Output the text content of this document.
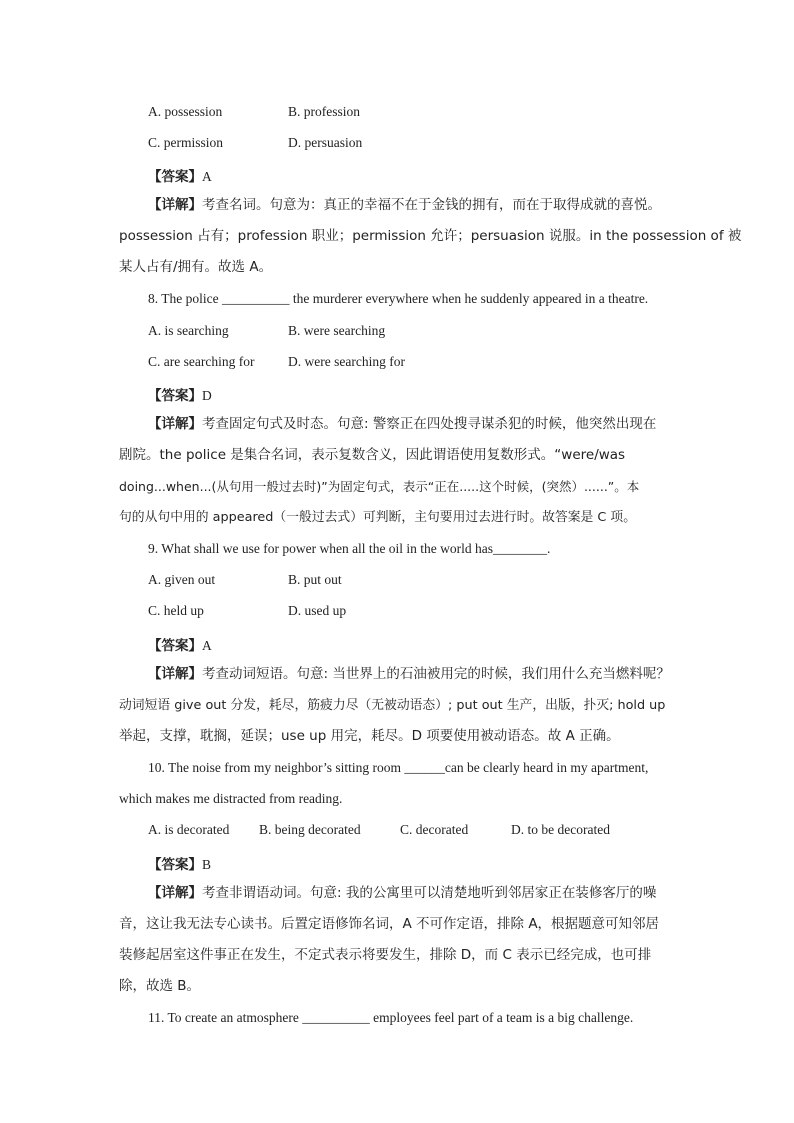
A. possession	B. profession
C. permission	D. persuasion
【答案】A
【详解】考查名词。句意为：真正的幸福不在于金钱的拥有，而在于取得成就的喜悦。
possession 占有；profession 职业；permission 允许；persuasion 说服。in the possession of 被
某人占有/拥有。故选 A。
8. The police __________ the murderer everywhere when he suddenly appeared in a theatre.
A. is searching	B. were searching
C. are searching for D. were searching for
【答案】D
【详解】考查固定句式及时态。句意: 警察正在四处搜寻谋杀犯的时候，他突然出现在
剧院。the police 是集合名词，表示复数含义，因此谓语使用复数形式。“were/was
doing...when...(从句用一般过去时)”为固定句式，表示“正在.....这个时候，(突然）......”。本
句的从句中用的 appeared（一般过去式）可判断，主句要用过去进行时。故答案是 C 项。
9. What shall we use for power when all the oil in the world has________.
A. given out	B. put out
C. held up	D. used up
【答案】A
【详解】考查动词短语。句意: 当世界上的石油被用完的时候，我们用什么充当燃料呢？
动词短语 give out 分发，耗尽，筋疲力尽（无被动语态）; put out 生产，出版，扑灭; hold up
举起，支撑，耽搁，延误；use up 用完，耗尽。D 项要使用被动语态。故 A 正确。
10. The noise from my neighbor’s sitting room ______can be clearly heard in my apartment,
which makes me distracted from reading.
A. is decorated B. being decorated	C. decorated	D. to be decorated
【答案】B
【详解】考查非谓语动词。句意: 我的公寓里可以清楚地听到邻居家正在装修客厅的噪
音，这让我无法专心读书。后置定语修饰名词，A 不可作定语，排除 A，根据题意可知邻居
装修起居室这件事正在发生，不定式表示将要发生，排除 D，而 C 表示已经完成，也可排
除，故选 B。
11. To create an atmosphere __________ employees feel part of a team is a big challenge.
